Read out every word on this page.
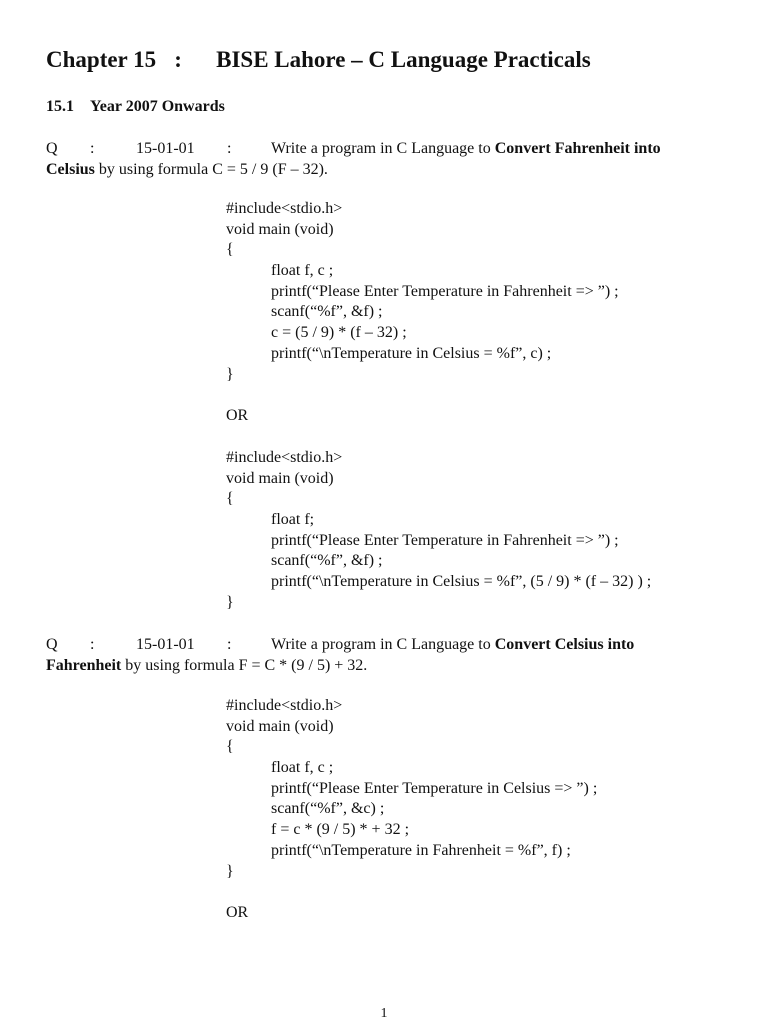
Chapter 15 : BISE Lahore – C Language Practicals
15.1 Year 2007 Onwards
Q :	15-01-01 : Write a program in C Language to Convert Fahrenheit into
Celsius by using formula C = 5 / 9 (F – 32).
#include<stdio.h>
void main (void)
{
float f, c ;
printf(“Please Enter Temperature in Fahrenheit => ”) ;
scanf(“%f”, &f) ;
c = (5 / 9) * (f – 32) ;
printf(“\nTemperature in Celsius = %f”, c) ;
}
OR
#include<stdio.h>
void main (void)
{
float f;
printf(“Please Enter Temperature in Fahrenheit => ”) ;
scanf(“%f”, &f) ;
printf(“\nTemperature in Celsius = %f”, (5 / 9) * (f – 32) ) ;
}
Q :	15-01-01 : Write a program in C Language to Convert Celsius into
Fahrenheit by using formula F = C * (9 / 5) + 32.
#include<stdio.h>
void main (void)
{
float f, c ;
printf(“Please Enter Temperature in Celsius => ”) ;
scanf(“%f”, &c) ;
f = c * (9 / 5) * + 32 ;
printf(“\nTemperature in Fahrenheit = %f”, f) ;
}
OR
1
